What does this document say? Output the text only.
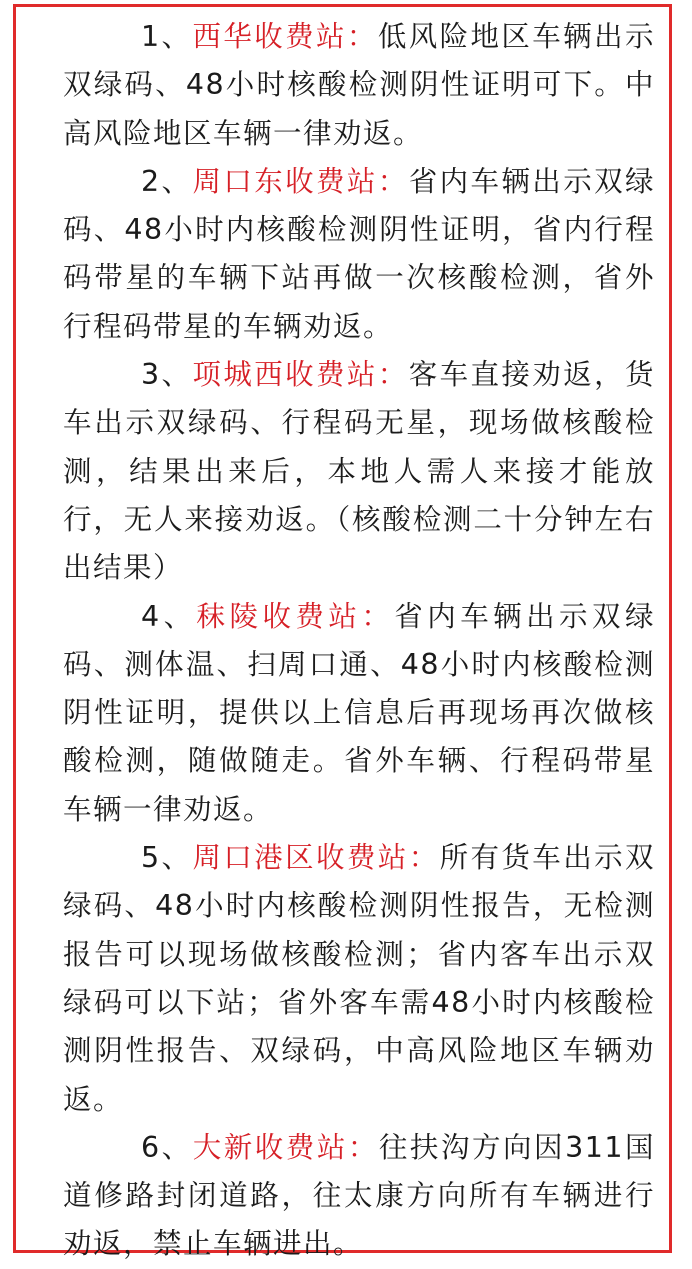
1、西华收费站：低风险地区车辆出示双绿码、48小时核酸检测阴性证明可下。中高风险地区车辆一律劝返。

2、周口东收费站：省内车辆出示双绿码、48小时内核酸检测阴性证明，省内行程码带星的车辆下站再做一次核酸检测，省外行程码带星的车辆劝返。

3、项城西收费站：客车直接劝返，货车出示双绿码、行程码无星，现场做核酸检测，结果出来后，本地人需人来接才能放行，无人来接劝返。（核酸检测二十分钟左右出结果）

4、秣陵收费站：省内车辆出示双绿码、测体温、扫周口通、48小时内核酸检测阴性证明，提供以上信息后再现场再次做核酸检测，随做随走。省外车辆、行程码带星车辆一律劝返。

5、周口港区收费站：所有货车出示双绿码、48小时内核酸检测阴性报告，无检测报告可以现场做核酸检测；省内客车出示双绿码可以下站；省外客车需48小时内核酸检测阴性报告、双绿码，中高风险地区车辆劝返。

6、大新收费站：往扶沟方向因311国道修路封闭道路，往太康方向所有车辆进行劝返，禁止车辆进出。
